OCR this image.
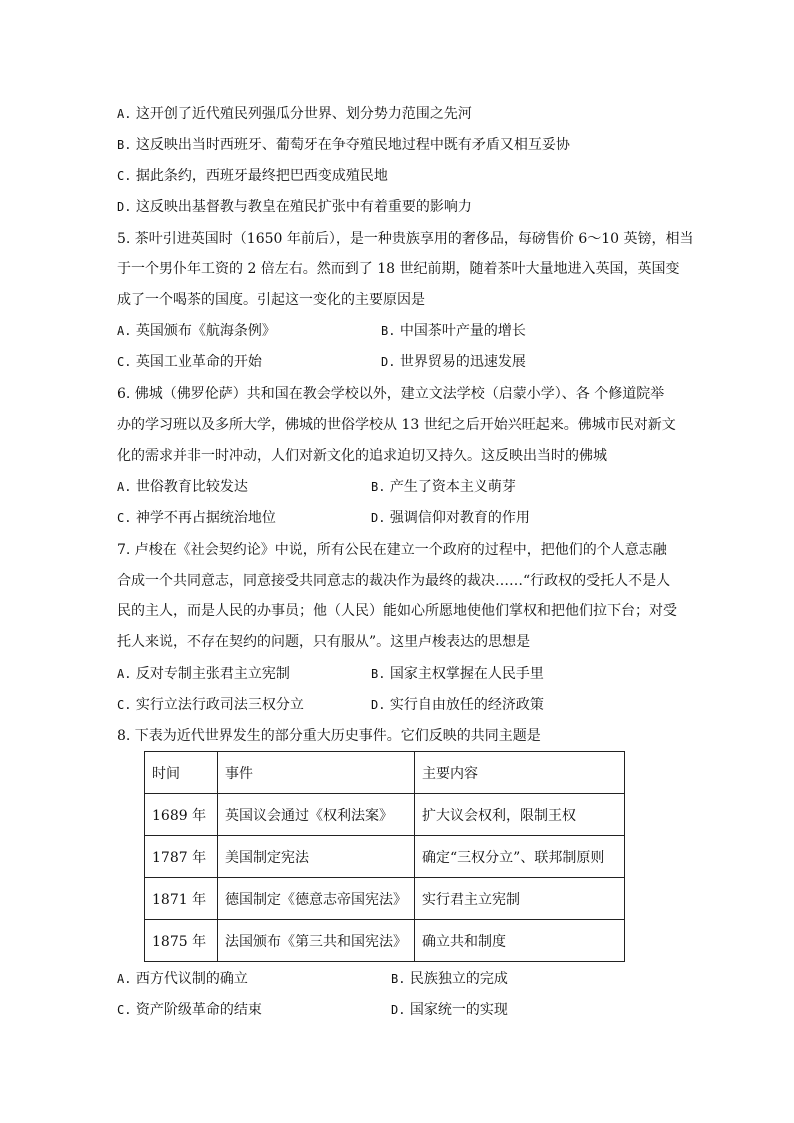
A. 这开创了近代殖民列强瓜分世界、划分势力范围之先河
B. 这反映出当时西班牙、葡萄牙在争夺殖民地过程中既有矛盾又相互妥协
C. 据此条约，西班牙最终把巴西变成殖民地
D. 这反映出基督教与教皇在殖民扩张中有着重要的影响力
5. 茶叶引进英国时（1650 年前后），是一种贵族享用的奢侈品，每磅售价 6～10 英镑，相当
于一个男仆年工资的 2 倍左右。然而到了 18 世纪前期，随着茶叶大量地进入英国，英国变
成了一个喝茶的国度。引起这一变化的主要原因是
A. 英国颁布《航海条例》	B. 中国茶叶产量的增长
C. 英国工业革命的开始	D. 世界贸易的迅速发展
6. 佛城（佛罗伦萨）共和国在教会学校以外，建立文法学校（启蒙小学）、各 个修道院举
办的学习班以及多所大学，佛城的世俗学校从 13 世纪之后开始兴旺起来。佛城市民对新文
化的需求并非一时冲动，人们对新文化的追求迫切又持久。这反映出当时的佛城
A. 世俗教育比较发达	B. 产生了资本主义萌芽
C. 神学不再占据统治地位	D. 强调信仰对教育的作用
7. 卢梭在《社会契约论》中说，所有公民在建立一个政府的过程中，把他们的个人意志融
合成一个共同意志，同意接受共同意志的裁决作为最终的裁决……“行政权的受托人不是人
民的主人，而是人民的办事员；他（人民）能如心所愿地使他们掌权和把他们拉下台；对受
托人来说，不存在契约的问题，只有服从”。这里卢梭表达的思想是
A. 反对专制主张君主立宪制	B. 国家主权掌握在人民手里
C. 实行立法行政司法三权分立	D. 实行自由放任的经济政策
8. 下表为近代世界发生的部分重大历史事件。它们反映的共同主题是
时间	事件	主要内容
1689 年	英国议会通过《权利法案》	扩大议会权利，限制王权
1787 年	美国制定宪法	确定“三权分立”、联邦制原则
1871 年	德国制定《德意志帝国宪法》	实行君主立宪制
1875 年	法国颁布《第三共和国宪法》	确立共和制度
A. 西方代议制的确立	B. 民族独立的完成
C. 资产阶级革命的结束	D. 国家统一的实现
